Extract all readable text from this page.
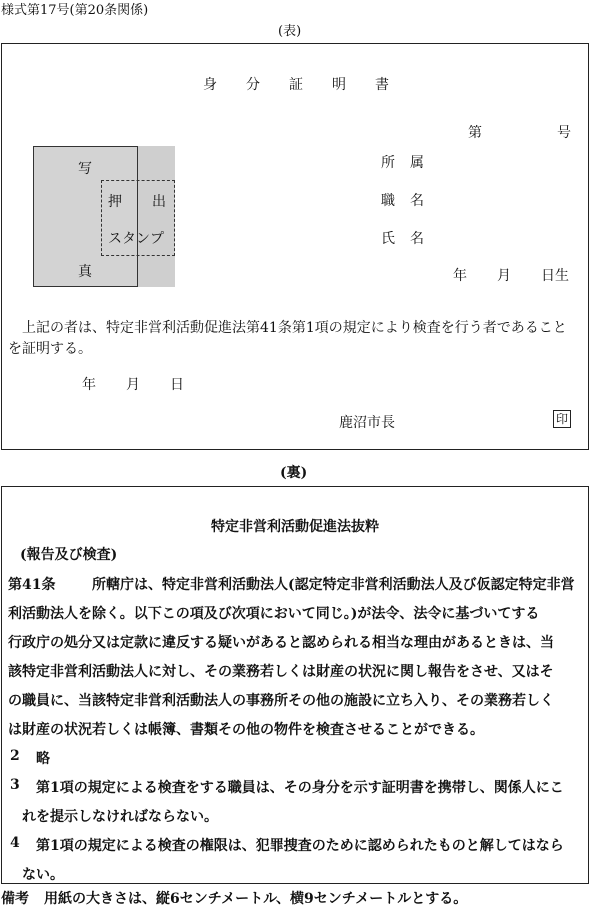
様式第17号(第20条関係)
(表)
身 分 証 明 書
第	号
写
真
押 出
スタンプ
所 属
職 名
氏 名
年 月 日生
上記の者は、特定非営利活動促進法第41条第1項の規定により検査を行う者であること
を証明する。
年 月 日
鹿沼市長	印
(裏)
特定非営利活動促進法抜粋
(報告及び検査)
第41条	所轄庁は、特定非営利活動法人(認定特定非営利活動法人及び仮認定特定非営
利活動法人を除く。以下この項及び次項において同じ。)が法令、法令に基づいてする
行政庁の処分又は定款に違反する疑いがあると認められる相当な理由があるときは、当
該特定非営利活動法人に対し、その業務若しくは財産の状況に関し報告をさせ、又はそ
の職員に、当該特定非営利活動法人の事務所その他の施設に立ち入り、その業務若しく
は財産の状況若しくは帳簿、書類その他の物件を検査させることができる。
2 略
3 第1項の規定による検査をする職員は、その身分を示す証明書を携帯し、関係人にこ
れを提示しなければならない。
4 第1項の規定による検査の権限は、犯罪捜査のために認められたものと解してはなら
ない。
備考 用紙の大きさは、縦6センチメートル、横9センチメートルとする。
